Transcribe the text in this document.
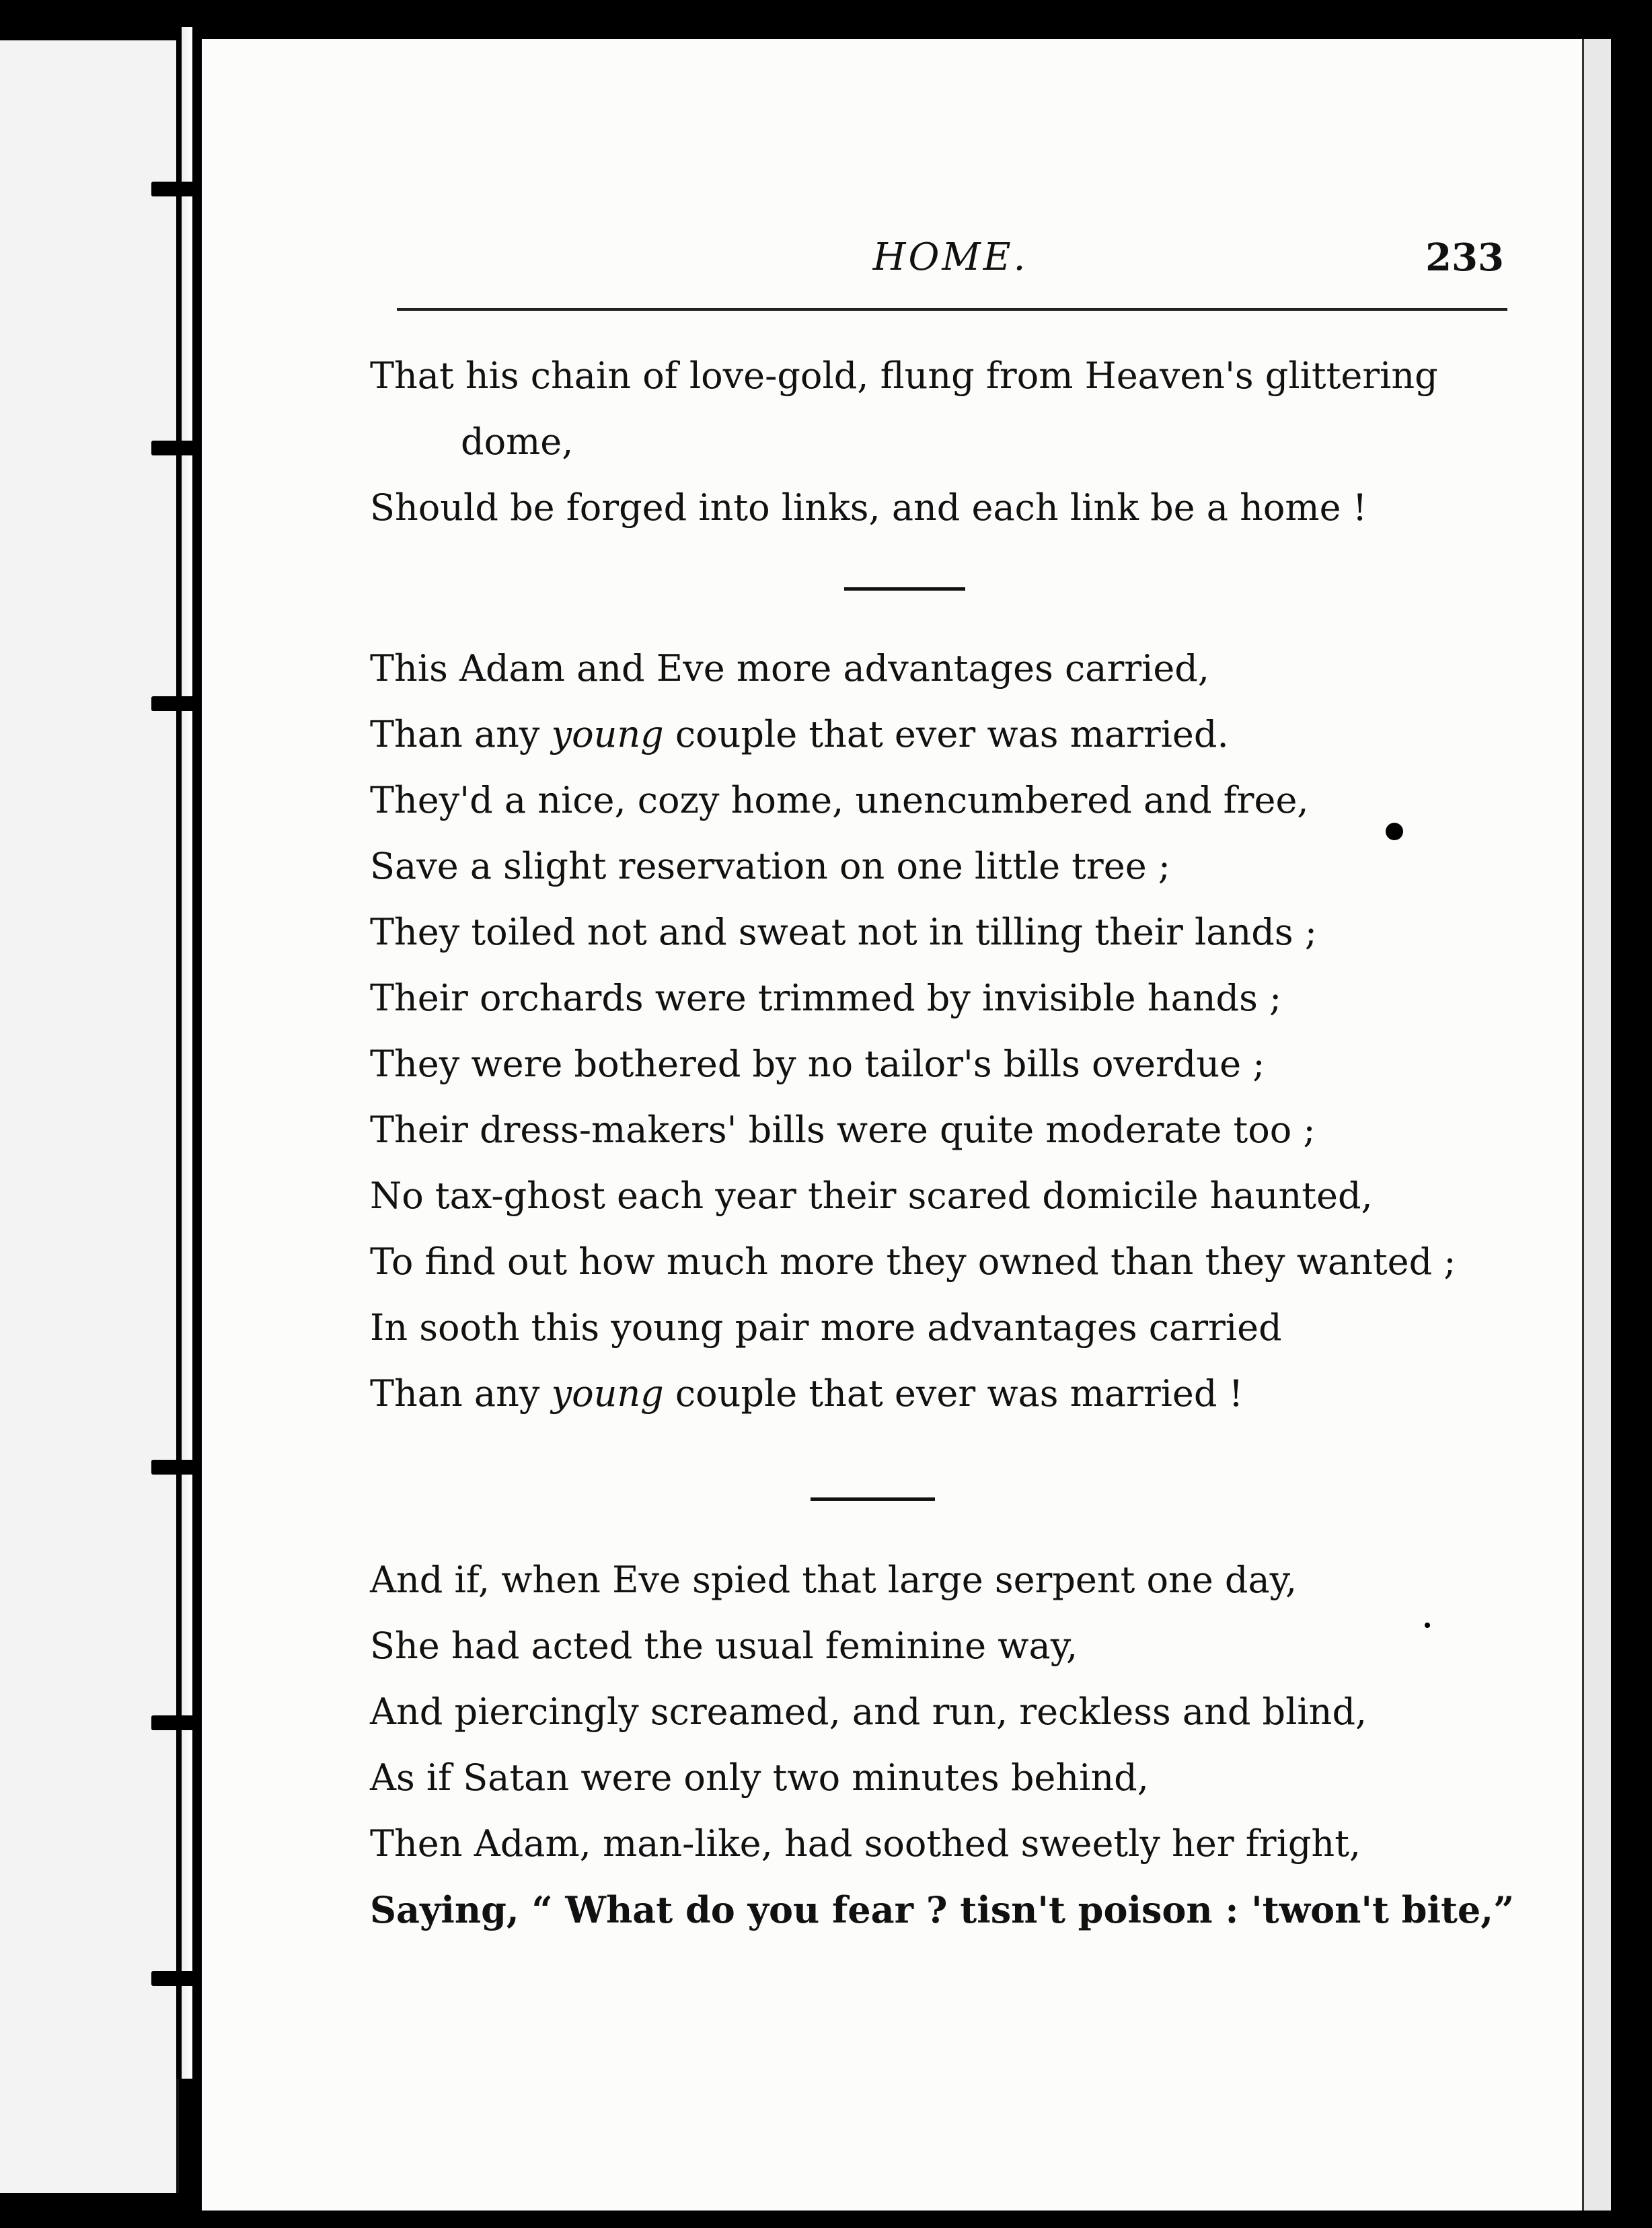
HOME.	233
That his chain of love-gold, flung from Heaven's glittering
dome,
Should be forged into links, and each link be a home !
This Adam and Eve more advantages carried,
Than any young couple that ever was married.
They'd a nice, cozy home, unencumbered and free,
Save a slight reservation on one little tree ;
They toiled not and sweat not in tilling their lands ;
Their orchards were trimmed by invisible hands ;
They were bothered by no tailor's bills overdue ;
Their dress-makers' bills were quite moderate too ;
No tax-ghost each year their scared domicile haunted,
To find out how much more they owned than they wanted ;
In sooth this young pair more advantages carried
Than any young couple that ever was married !
And if, when Eve spied that large serpent one day,
She had acted the usual feminine way,
And piercingly screamed, and run, reckless and blind,
As if Satan were only two minutes behind,
Then Adam, man-like, had soothed sweetly her fright,
Saying, “ What do you fear ? tisn't poison : 'twon't bite,”
